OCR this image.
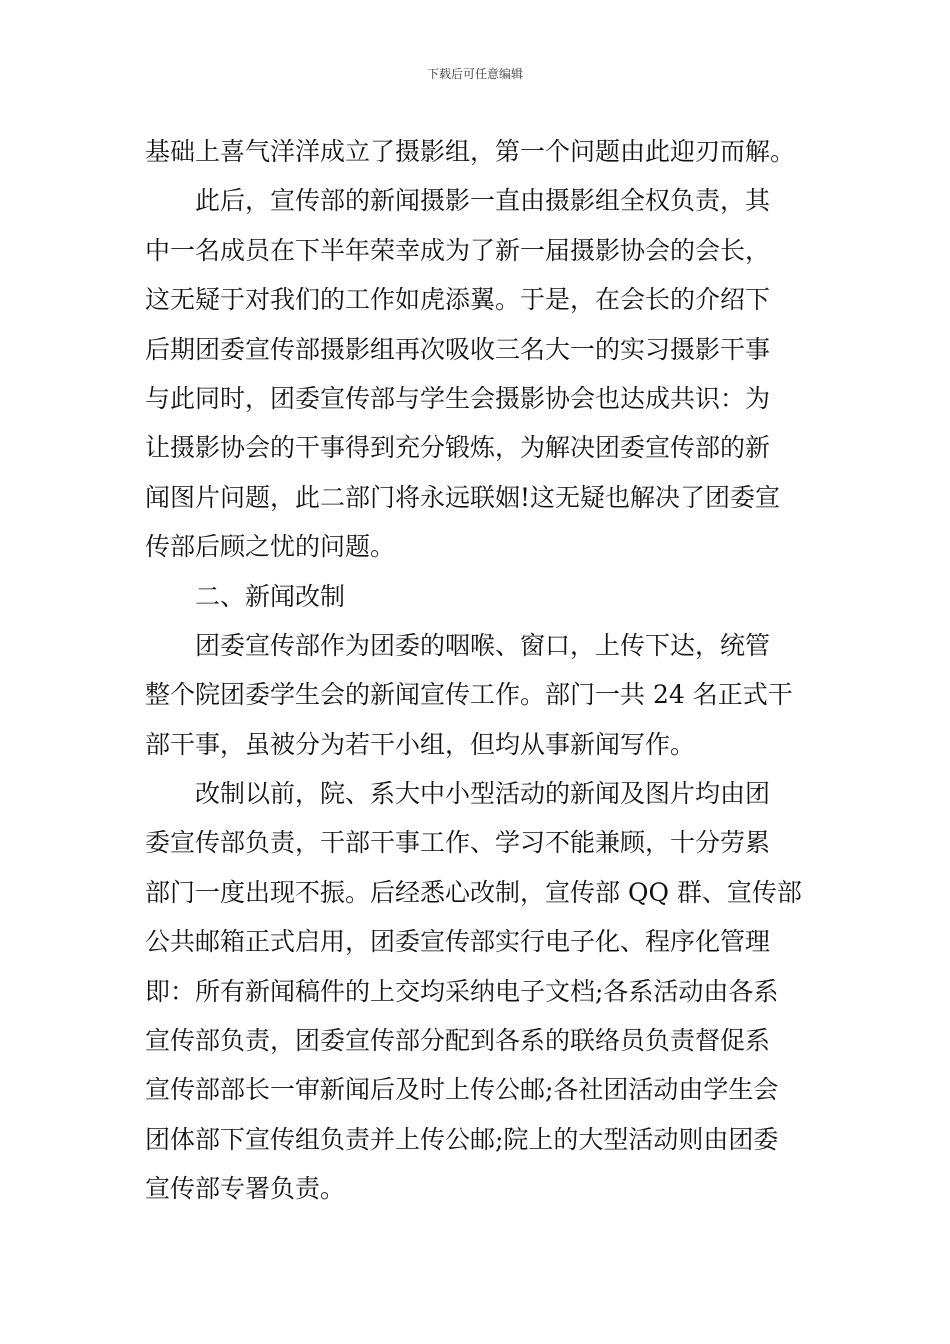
下载后可任意编辑
基础上喜气洋洋成立了摄影组，第一个问题由此迎刃而解。
此后，宣传部的新闻摄影一直由摄影组全权负责，其
中一名成员在下半年荣幸成为了新一届摄影协会的会长，
这无疑于对我们的工作如虎添翼。于是，在会长的介绍下
后期团委宣传部摄影组再次吸收三名大一的实习摄影干事
与此同时，团委宣传部与学生会摄影协会也达成共识：为
让摄影协会的干事得到充分锻炼，为解决团委宣传部的新
闻图片问题，此二部门将永远联姻!这无疑也解决了团委宣
传部后顾之忧的问题。
二、新闻改制
团委宣传部作为团委的咽喉、窗口，上传下达，统管
整个院团委学生会的新闻宣传工作。部门一共 24 名正式干
部干事，虽被分为若干小组，但均从事新闻写作。
改制以前，院、系大中小型活动的新闻及图片均由团
委宣传部负责，干部干事工作、学习不能兼顾，十分劳累
部门一度出现不振。后经悉心改制，宣传部 QQ 群、宣传部
公共邮箱正式启用，团委宣传部实行电子化、程序化管理
即：所有新闻稿件的上交均采纳电子文档;各系活动由各系
宣传部负责，团委宣传部分配到各系的联络员负责督促系
宣传部部长一审新闻后及时上传公邮;各社团活动由学生会
团体部下宣传组负责并上传公邮;院上的大型活动则由团委
宣传部专署负责。
